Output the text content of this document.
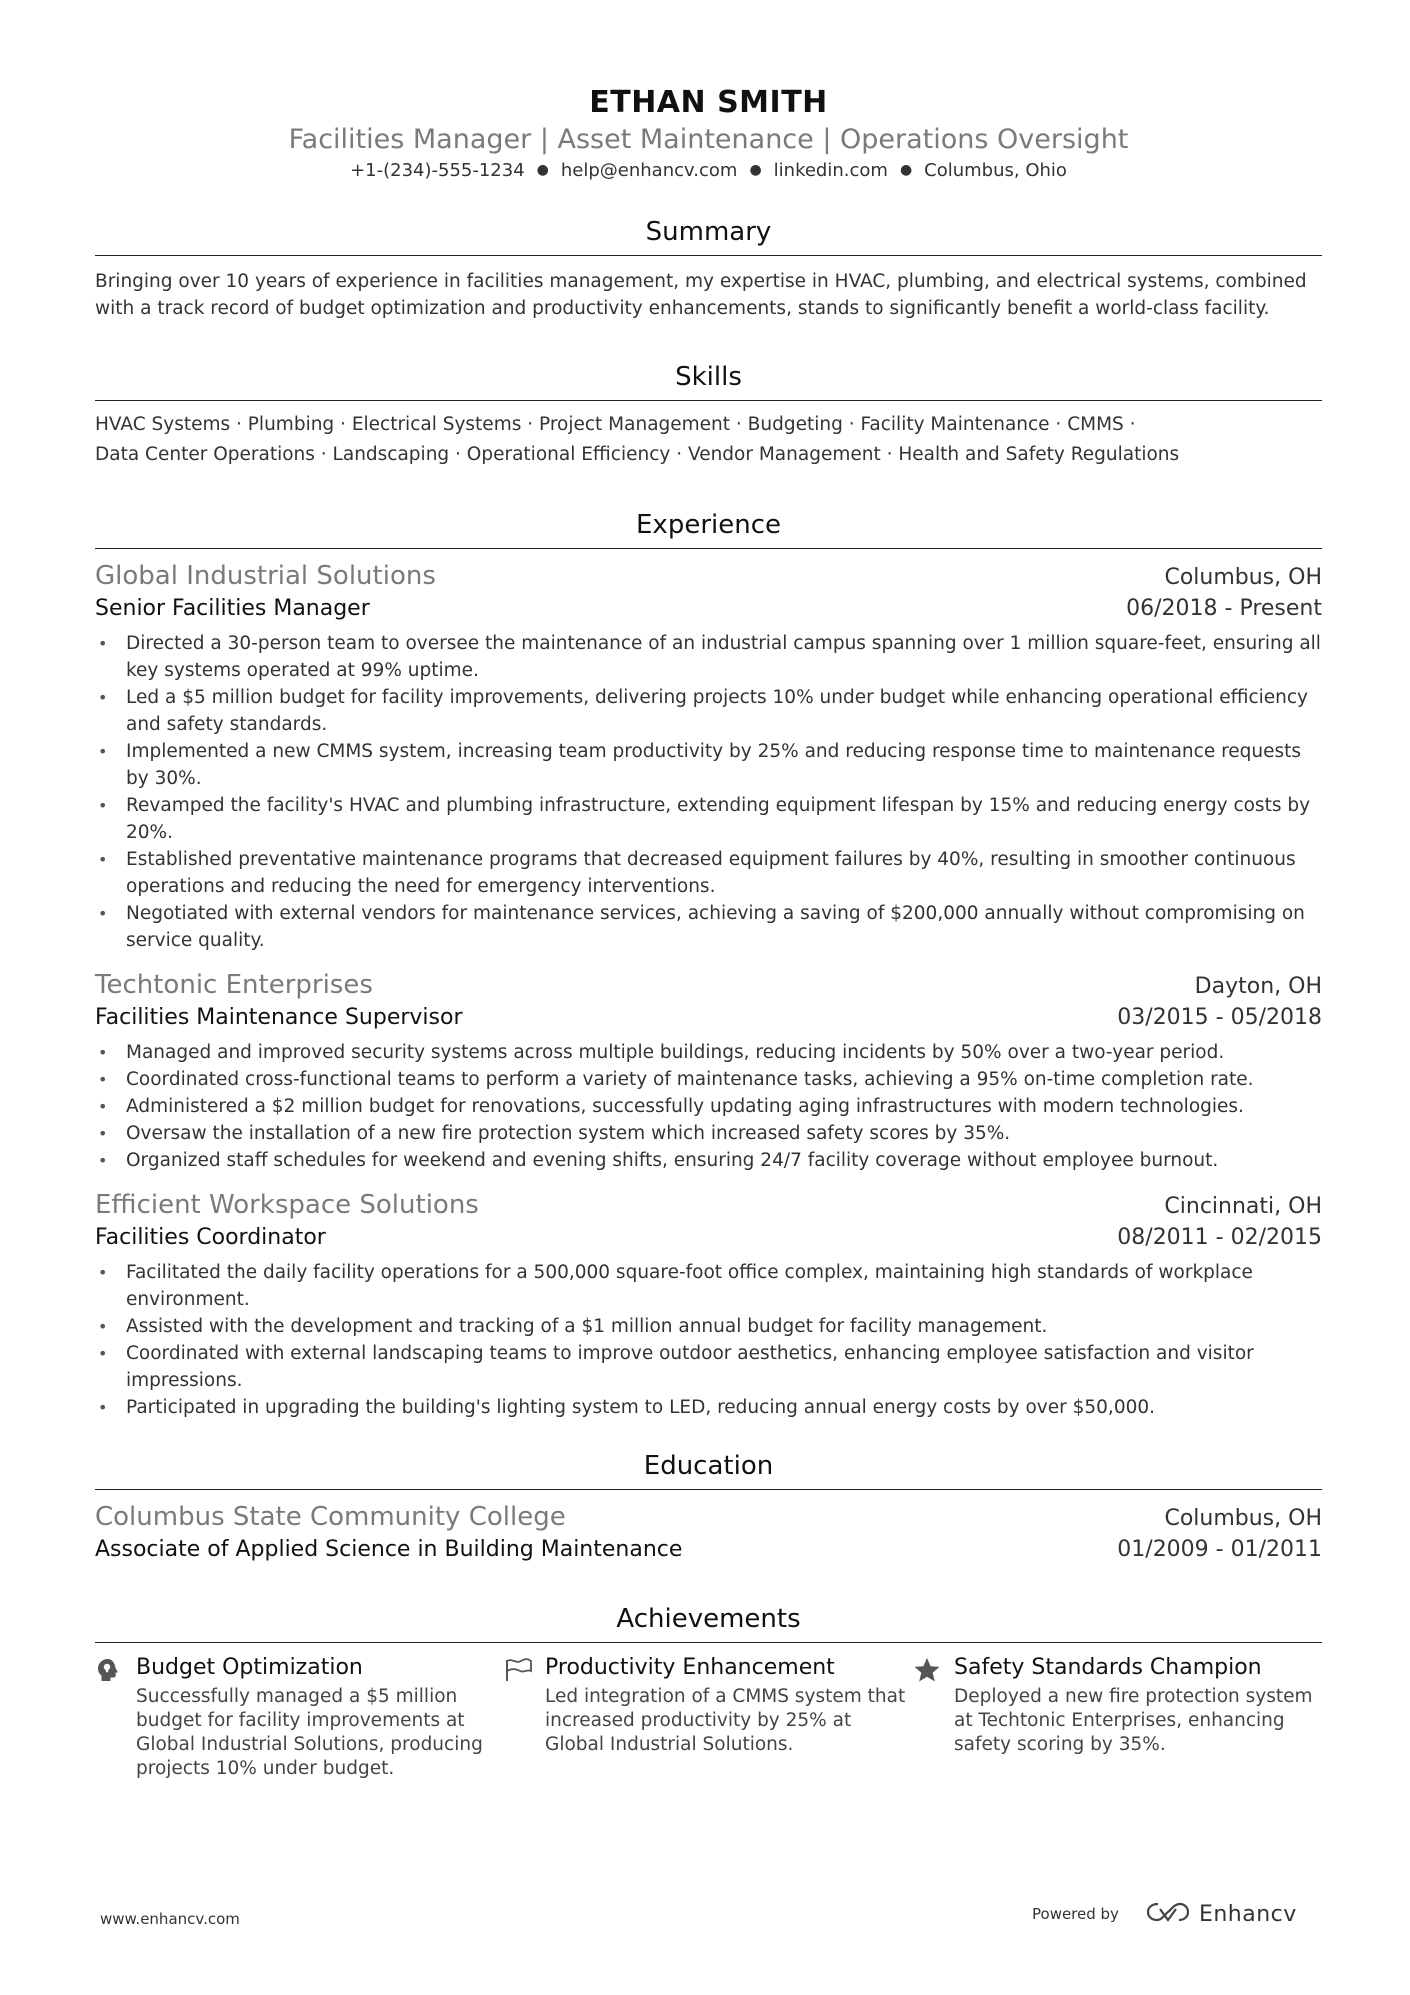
ETHAN SMITH
Facilities Manager | Asset Maintenance | Operations Oversight
+1-(234)-555-1234 ● help@enhancv.com ● linkedin.com ● Columbus, Ohio
Summary
Bringing over 10 years of experience in facilities management, my expertise in HVAC, plumbing, and electrical systems, combined with a track record of budget optimization and productivity enhancements, stands to significantly benefit a world-class facility.
Skills
HVAC Systems · Plumbing · Electrical Systems · Project Management · Budgeting · Facility Maintenance · CMMS ·
Data Center Operations · Landscaping · Operational Efficiency · Vendor Management · Health and Safety Regulations
Experience
Global Industrial Solutions	Columbus, OH
Senior Facilities Manager	06/2018 - Present
• Directed a 30-person team to oversee the maintenance of an industrial campus spanning over 1 million square-feet, ensuring all key systems operated at 99% uptime.
• Led a $5 million budget for facility improvements, delivering projects 10% under budget while enhancing operational efficiency and safety standards.
• Implemented a new CMMS system, increasing team productivity by 25% and reducing response time to maintenance requests by 30%.
• Revamped the facility's HVAC and plumbing infrastructure, extending equipment lifespan by 15% and reducing energy costs by 20%.
• Established preventative maintenance programs that decreased equipment failures by 40%, resulting in smoother continuous operations and reducing the need for emergency interventions.
• Negotiated with external vendors for maintenance services, achieving a saving of $200,000 annually without compromising on service quality.
Techtonic Enterprises	Dayton, OH
Facilities Maintenance Supervisor	03/2015 - 05/2018
• Managed and improved security systems across multiple buildings, reducing incidents by 50% over a two-year period.
• Coordinated cross-functional teams to perform a variety of maintenance tasks, achieving a 95% on-time completion rate.
• Administered a $2 million budget for renovations, successfully updating aging infrastructures with modern technologies.
• Oversaw the installation of a new fire protection system which increased safety scores by 35%.
• Organized staff schedules for weekend and evening shifts, ensuring 24/7 facility coverage without employee burnout.
Efficient Workspace Solutions	Cincinnati, OH
Facilities Coordinator	08/2011 - 02/2015
• Facilitated the daily facility operations for a 500,000 square-foot office complex, maintaining high standards of workplace environment.
• Assisted with the development and tracking of a $1 million annual budget for facility management.
• Coordinated with external landscaping teams to improve outdoor aesthetics, enhancing employee satisfaction and visitor impressions.
• Participated in upgrading the building's lighting system to LED, reducing annual energy costs by over $50,000.
Education
Columbus State Community College	Columbus, OH
Associate of Applied Science in Building Maintenance	01/2009 - 01/2011
Achievements
Budget Optimization
Successfully managed a $5 million budget for facility improvements at Global Industrial Solutions, producing projects 10% under budget.
Productivity Enhancement
Led integration of a CMMS system that increased productivity by 25% at Global Industrial Solutions.
Safety Standards Champion
Deployed a new fire protection system at Techtonic Enterprises, enhancing safety scoring by 35%.
www.enhancv.com	Powered by	Enhancv
